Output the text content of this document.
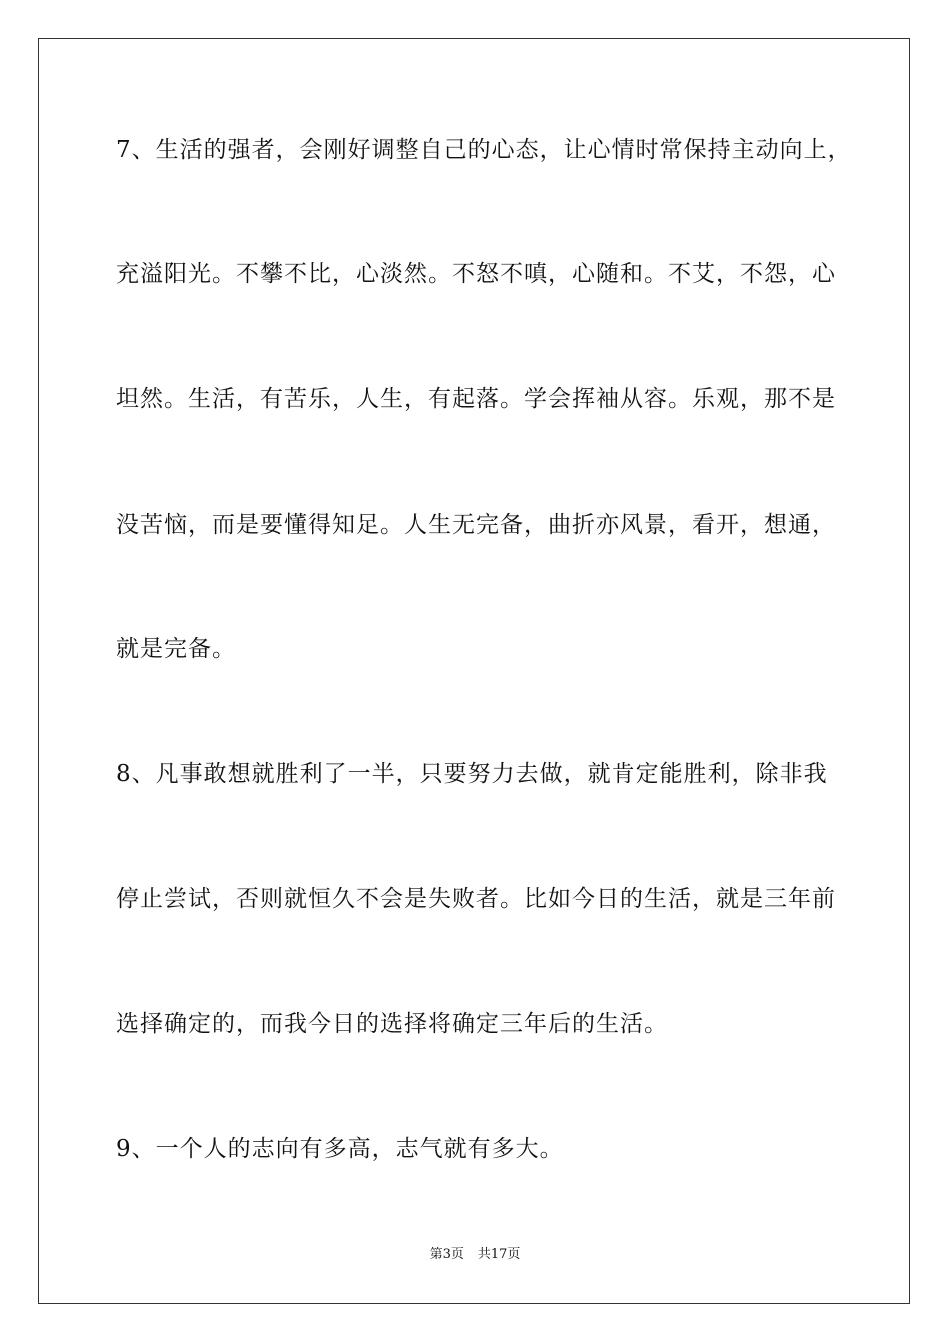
7、生活的强者，会刚好调整自己的心态，让心情时常保持主动向上，
充溢阳光。不攀不比，心淡然。不怒不嗔，心随和。不艾，不怨，心
坦然。生活，有苦乐，人生，有起落。学会挥袖从容。乐观，那不是
没苦恼，而是要懂得知足。人生无完备，曲折亦风景，看开，想通，
就是完备。
8、凡事敢想就胜利了一半，只要努力去做，就肯定能胜利，除非我
停止尝试，否则就恒久不会是失败者。比如今日的生活，就是三年前
选择确定的，而我今日的选择将确定三年后的生活。
9、一个人的志向有多高，志气就有多大。
第3页 共17页
